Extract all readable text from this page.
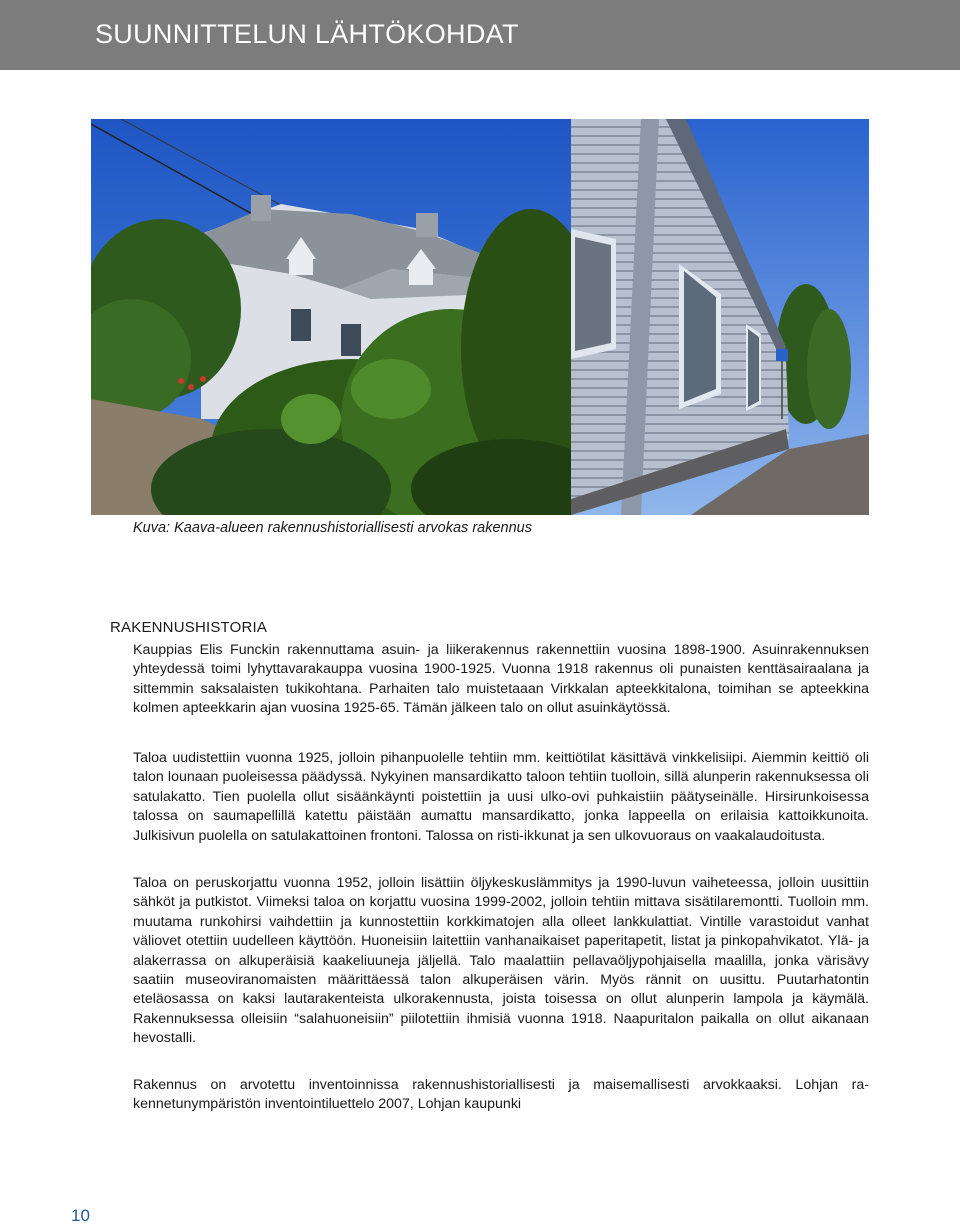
SUUNNITTELUN LÄHTÖKOHDAT
Kuva: Kaava-alueen rakennushistoriallisesti arvokas rakennus
RAKENNUSHISTORIA

Kauppias Elis Funckin rakennuttama asuin- ja liikerakennus rakennettiin vuosina 1898-1900. Asuinrakennuksen yhteydessä toimi lyhyttavarakauppa vuosina 1900-1925. Vuonna 1918 rakennus oli punaisten kenttäsairaalana ja sittemmin saksalaisten tukikohtana. Parhaiten talo muistetaaan Virkkalan apteekkitalona, toimihan se apteekkina kolmen apteekkarin ajan vuosina 1925-65. Tämän jälkeen talo on ollut asuinkäytössä.

Taloa uudistettiin vuonna 1925, jolloin pihanpuolelle tehtiin mm. keittiötilat käsittävä vinkkelisiipi. Aiemmin keittiö oli talon lounaan puoleisessa päädyssä. Nykyinen mansardikatto taloon tehtiin tuolloin, sillä alunperin rakennuksessa oli satulakatto. Tien puolella ollut sisäänkäynti poistettiin ja uusi ulko-ovi puhkaistiin päätyseinälle. Hirsirunkoisessa talossa on saumapellillä katettu päistään aumattu mansardikatto, jonka lappeella on erilaisia kattoikkunoita. Julkisivun puolella on satulakattoinen frontoni. Talossa on risti-ikkunat ja sen ulkovuoraus on vaakalaudoitusta.

Taloa on peruskorjattu vuonna 1952, jolloin lisättiin öljykeskuslämmitys ja 1990-luvun vaiheteessa, jolloin uusittiin sähköt ja putkistot. Viimeksi taloa on korjattu vuosina 1999-2002, jolloin tehtiin mittava sisätilaremontti. Tuolloin mm. muutama runkohirsi vaihdettiin ja kunnostettiin korkkimatojen alla olleet lankkulattiat. Vintille varastoidut vanhat väliovet otettiin uudelleen käyttöön. Huoneisiin laitettiin vanhanaikaiset paperitapetit, listat ja pinkopahvikatot. Ylä- ja alakerrassa on alkuperäisiä kaakeliuuneja jäljellä. Talo maalattiin pellavaöljypohjaisella maalilla, jonka värisävy saatiin museoviranomaisten määrittäessä talon alkuperäisen värin. Myös rännit on uusittu. Puutarhatontin eteläosassa on kaksi lautarakenteista ulkorakennusta, joista toisessa on ollut alunperin lampola ja käymälä. Rakennuksessa olleisiin “salahuoneisiin” piilotettiin ihmisiä vuonna 1918. Naapuritalon paikalla on ollut aikanaan hevostalli.

Rakennus on arvotettu inventoinnissa rakennushistoriallisesti ja maisemallisesti arvokkaaksi. Lohjan rakennetunympäristön inventointiluettelo 2007, Lohjan kaupunki

10
